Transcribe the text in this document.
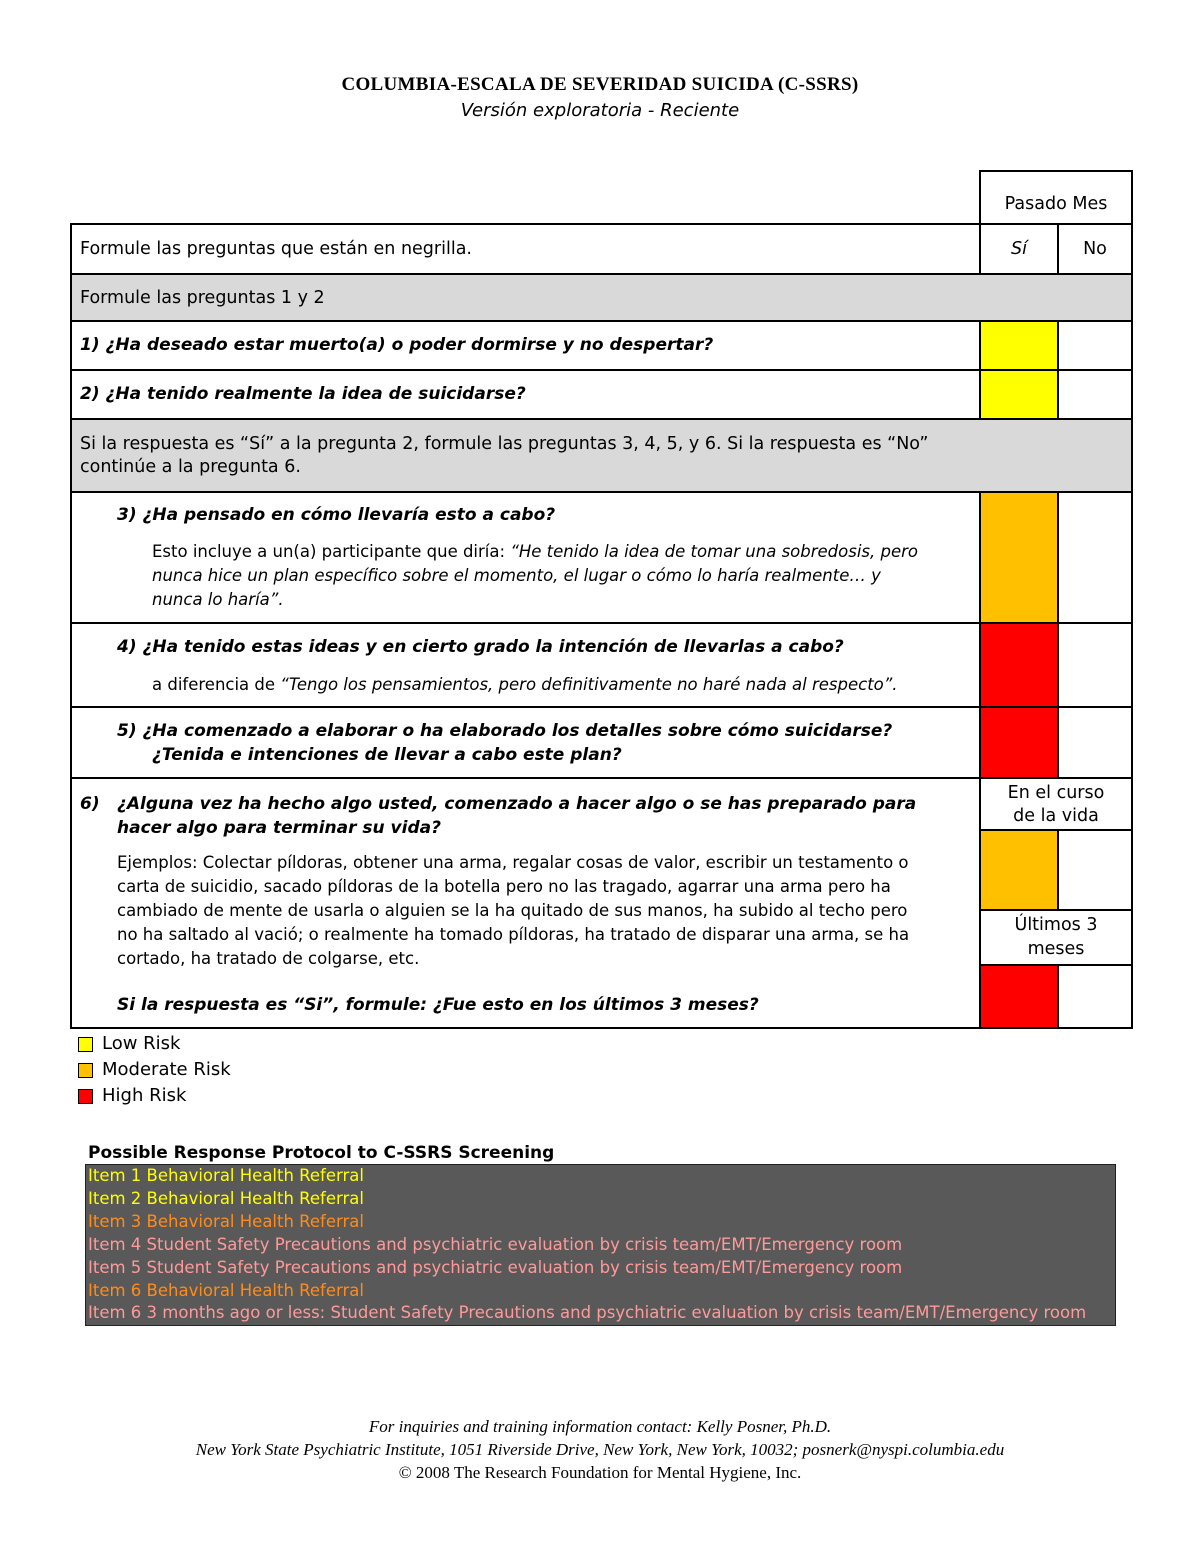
COLUMBIA-ESCALA DE SEVERIDAD SUICIDA (C-SSRS)
Versión exploratoria - Reciente
Pasado Mes
Formule las preguntas que están en negrilla.	Sí	No
Formule las preguntas 1 y 2
1) ¿Ha deseado estar muerto(a) o poder dormirse y no despertar?
2) ¿Ha tenido realmente la idea de suicidarse?
Si la respuesta es “Sí” a la pregunta 2, formule las preguntas 3, 4, 5, y 6. Si la respuesta es “No”
continúe a la pregunta 6.
3) ¿Ha pensado en cómo llevaría esto a cabo?
Esto incluye a un(a) participante que diría: “He tenido la idea de tomar una sobredosis, pero
nunca hice un plan específico sobre el momento, el lugar o cómo lo haría realmente… y
nunca lo haría”.
4) ¿Ha tenido estas ideas y en cierto grado la intención de llevarlas a cabo?
a diferencia de “Tengo los pensamientos, pero definitivamente no haré nada al respecto”.
5) ¿Ha comenzado a elaborar o ha elaborado los detalles sobre cómo suicidarse?
¿Tenida e intenciones de llevar a cabo este plan?
6) ¿Alguna vez ha hecho algo usted, comenzado a hacer algo o se has preparado para
hacer algo para terminar su vida?
Ejemplos: Colectar píldoras, obtener una arma, regalar cosas de valor, escribir un testamento o
carta de suicidio, sacado píldoras de la botella pero no las tragado, agarrar una arma pero ha
cambiado de mente de usarla o alguien se la ha quitado de sus manos, ha subido al techo pero
no ha saltado al vació; o realmente ha tomado píldoras, ha tratado de disparar una arma, se ha
cortado, ha tratado de colgarse, etc.
Si la respuesta es “Si”, formule: ¿Fue esto en los últimos 3 meses?
En el curso
de la vida
Últimos 3
meses
Low Risk
Moderate Risk
High Risk
Possible Response Protocol to C-SSRS Screening
Item 1 Behavioral Health Referral
Item 2 Behavioral Health Referral
Item 3 Behavioral Health Referral
Item 4 Student Safety Precautions and psychiatric evaluation by crisis team/EMT/Emergency room
Item 5 Student Safety Precautions and psychiatric evaluation by crisis team/EMT/Emergency room
Item 6 Behavioral Health Referral
Item 6 3 months ago or less: Student Safety Precautions and psychiatric evaluation by crisis team/EMT/Emergency room
For inquiries and training information contact: Kelly Posner, Ph.D.
New York State Psychiatric Institute, 1051 Riverside Drive, New York, New York, 10032; posnerk@nyspi.columbia.edu
© 2008 The Research Foundation for Mental Hygiene, Inc.
